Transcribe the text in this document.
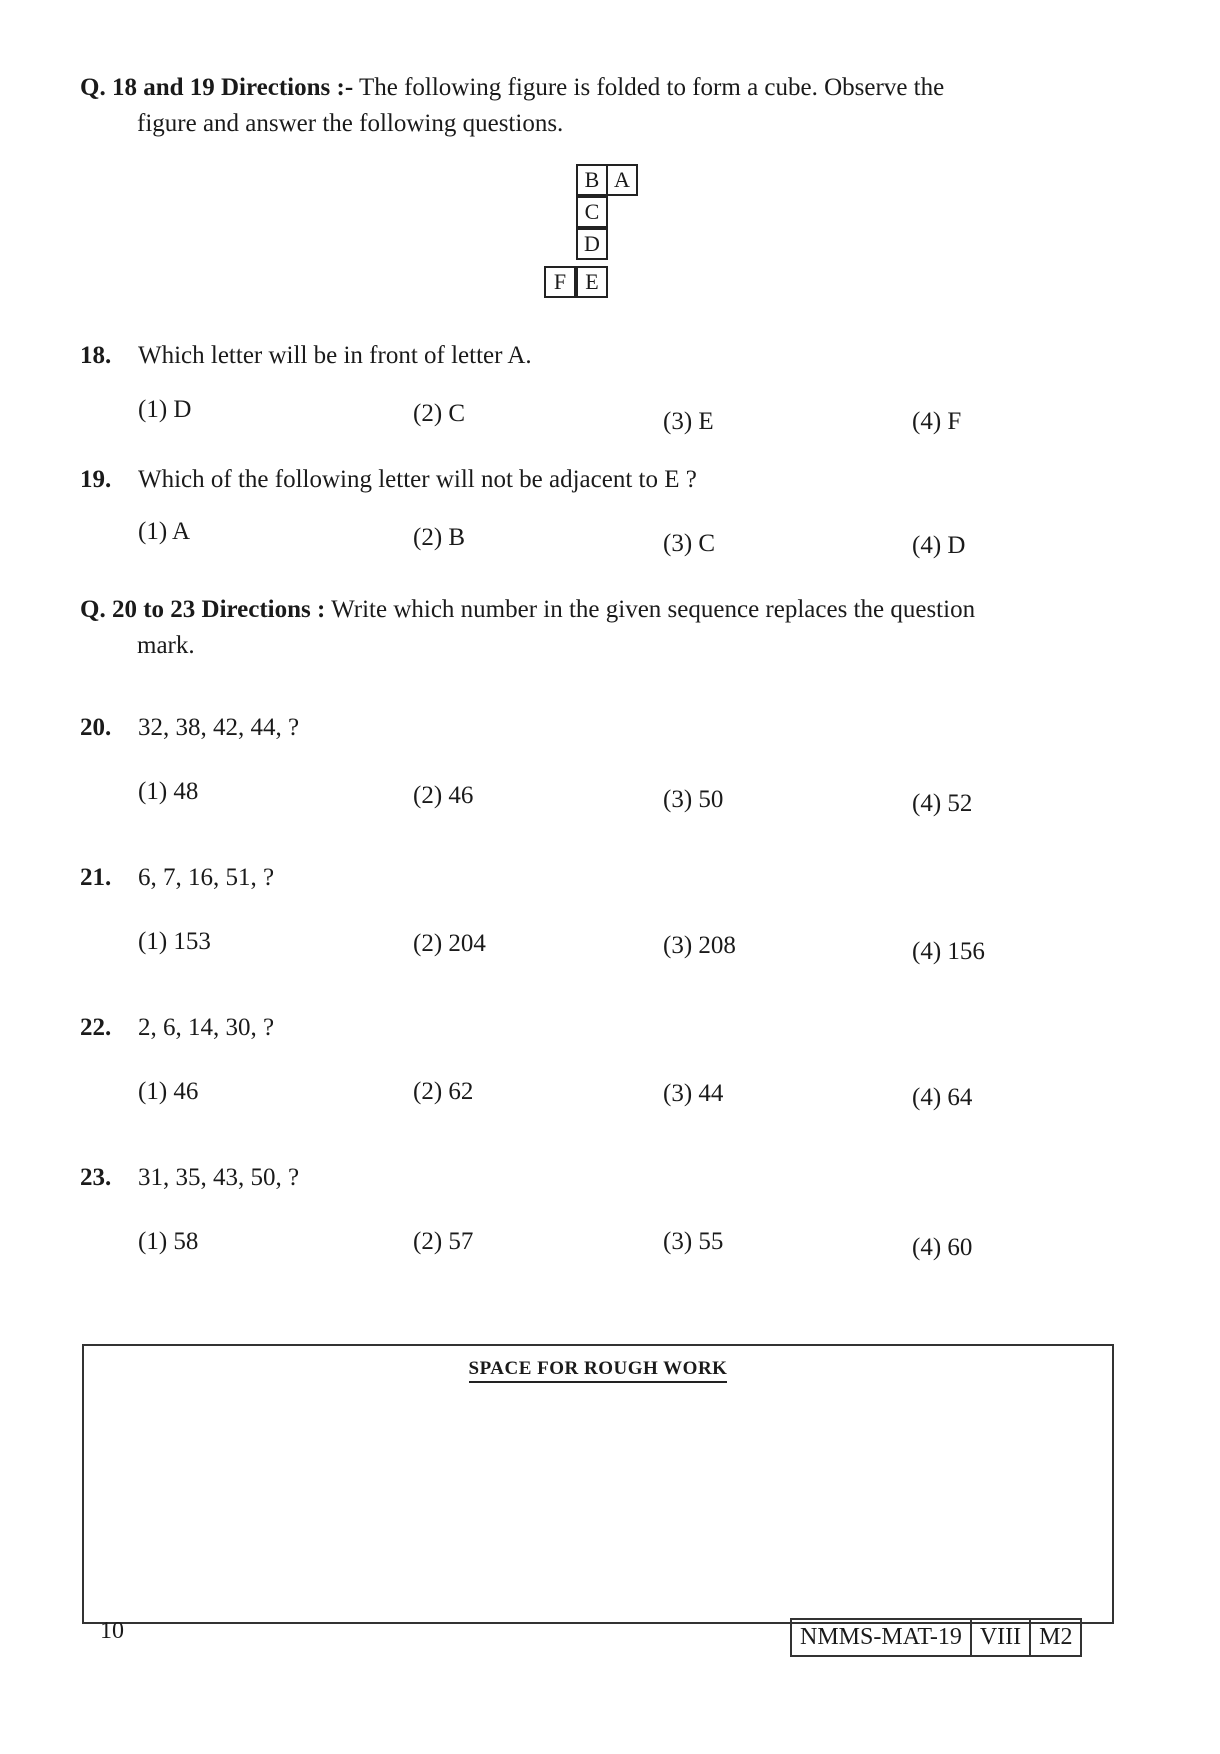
Q. 18 and 19 Directions :- The following figure is folded to form a cube. Observe the
figure and answer the following questions.
B A
C
D
F E
18. Which letter will be in front of letter A.
(1) D	(2) C	(3) E	(4) F
19. Which of the following letter will not be adjacent to E ?
(1) A	(2) B	(3) C	(4) D
Q. 20 to 23 Directions : Write which number in the given sequence replaces the question
mark.
20. 32, 38, 42, 44, ?
(1) 48	(2) 46	(3) 50	(4) 52
21. 6, 7, 16, 51, ?
(1) 153	(2) 204	(3) 208	(4) 156
22. 2, 6, 14, 30, ?
(1) 46	(2) 62	(3) 44	(4) 64
23. 31, 35, 43, 50, ?
(1) 58	(2) 57	(3) 55	(4) 60
SPACE FOR ROUGH WORK
10	NMMS-MAT-19 VIII M2
